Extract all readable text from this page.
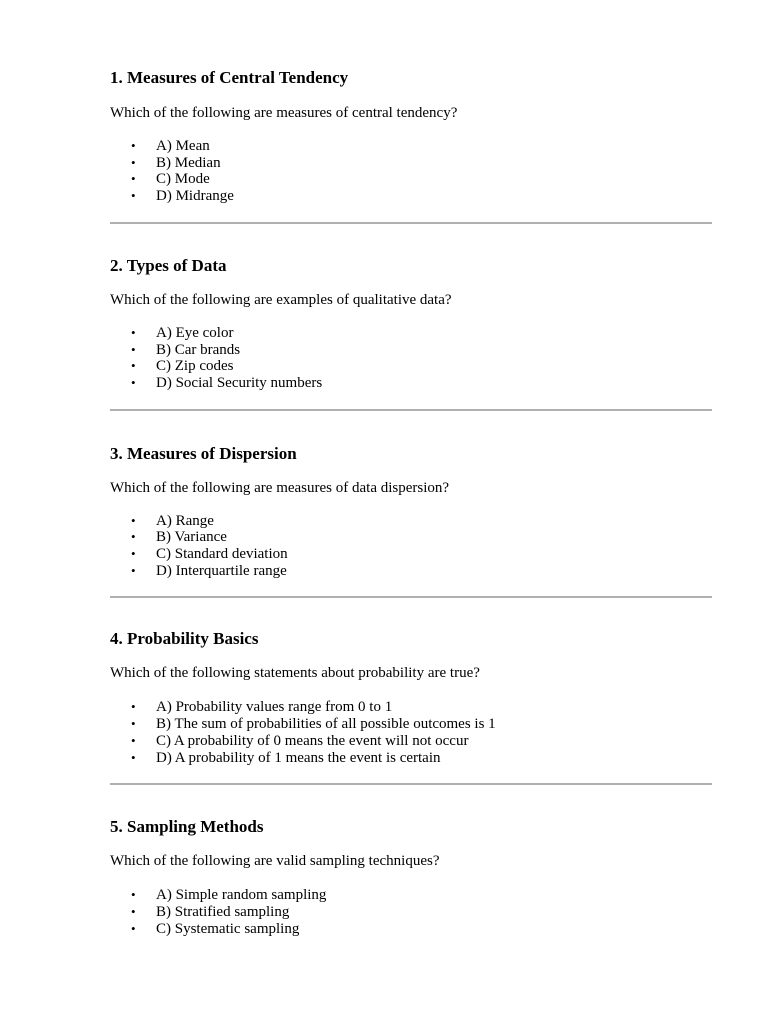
1. Measures of Central Tendency

Which of the following are measures of central tendency?

• A) Mean
• B) Median
• C) Mode
• D) Midrange
2. Types of Data

Which of the following are examples of qualitative data?

• A) Eye color
• B) Car brands
• C) Zip codes
• D) Social Security numbers
3. Measures of Dispersion

Which of the following are measures of data dispersion?

• A) Range
• B) Variance
• C) Standard deviation
• D) Interquartile range
4. Probability Basics

Which of the following statements about probability are true?

• A) Probability values range from 0 to 1
• B) The sum of probabilities of all possible outcomes is 1
• C) A probability of 0 means the event will not occur
• D) A probability of 1 means the event is certain
5. Sampling Methods

Which of the following are valid sampling techniques?

• A) Simple random sampling
• B) Stratified sampling
• C) Systematic sampling
